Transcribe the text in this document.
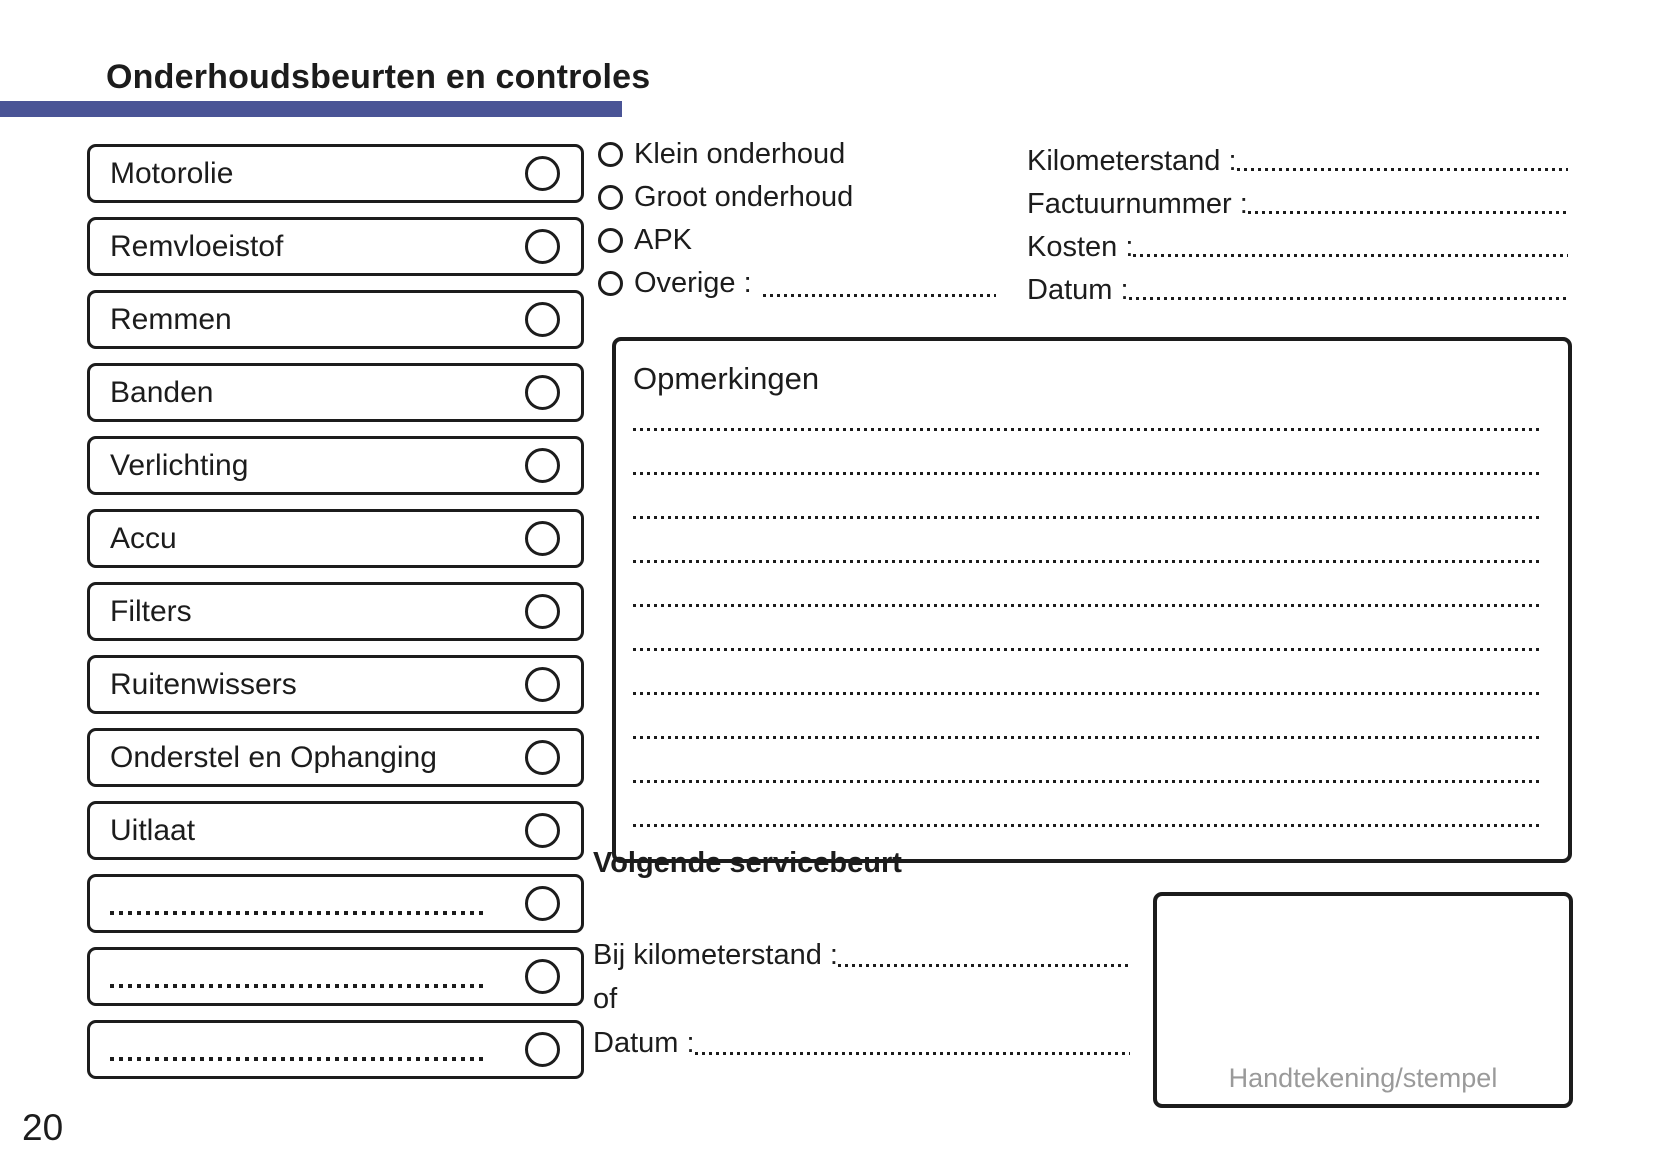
Onderhoudsbeurten en controles
Motorolie
Remvloeistof
Remmen
Banden
Verlichting
Accu
Filters
Ruitenwissers
Onderstel en Ophanging
Uitlaat
Klein onderhoud
Groot onderhoud
APK
Overige :
Kilometerstand :
Factuurnummer :
Kosten :
Datum :
Opmerkingen
Volgende servicebeurt
Bij kilometerstand :
of
Datum :
Handtekening/stempel
20
